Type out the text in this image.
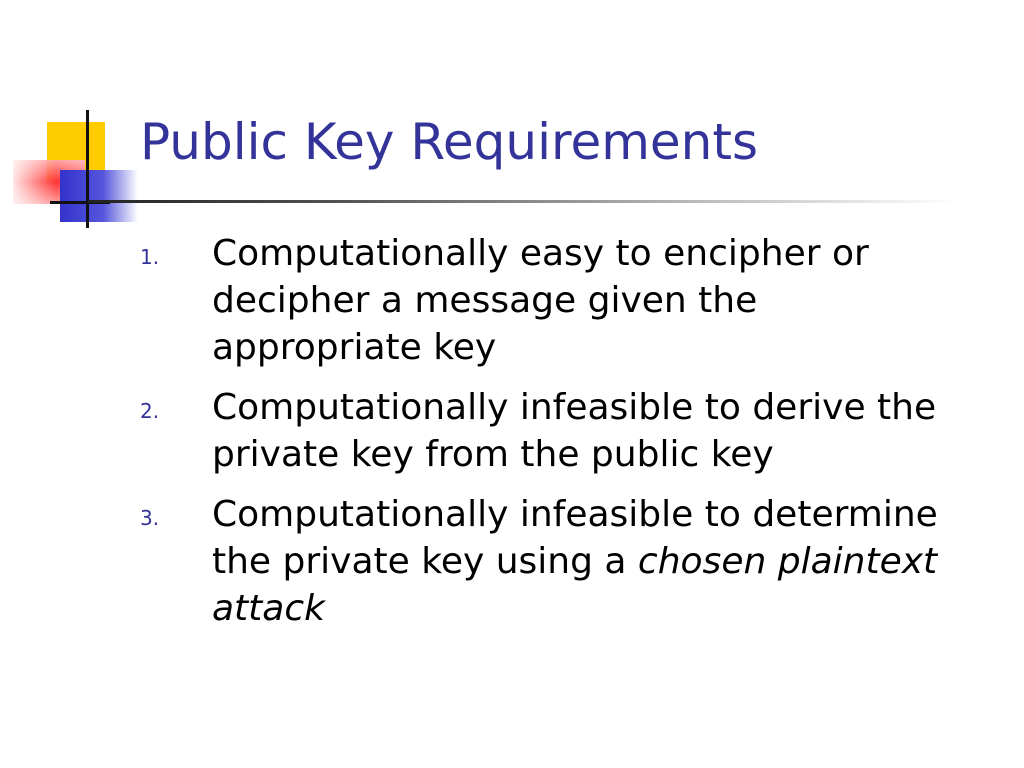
Public Key Requirements
1. Computationally easy to encipher or decipher a message given the appropriate key
2. Computationally infeasible to derive the private key from the public key
3. Computationally infeasible to determine the private key using a chosen plaintext attack
